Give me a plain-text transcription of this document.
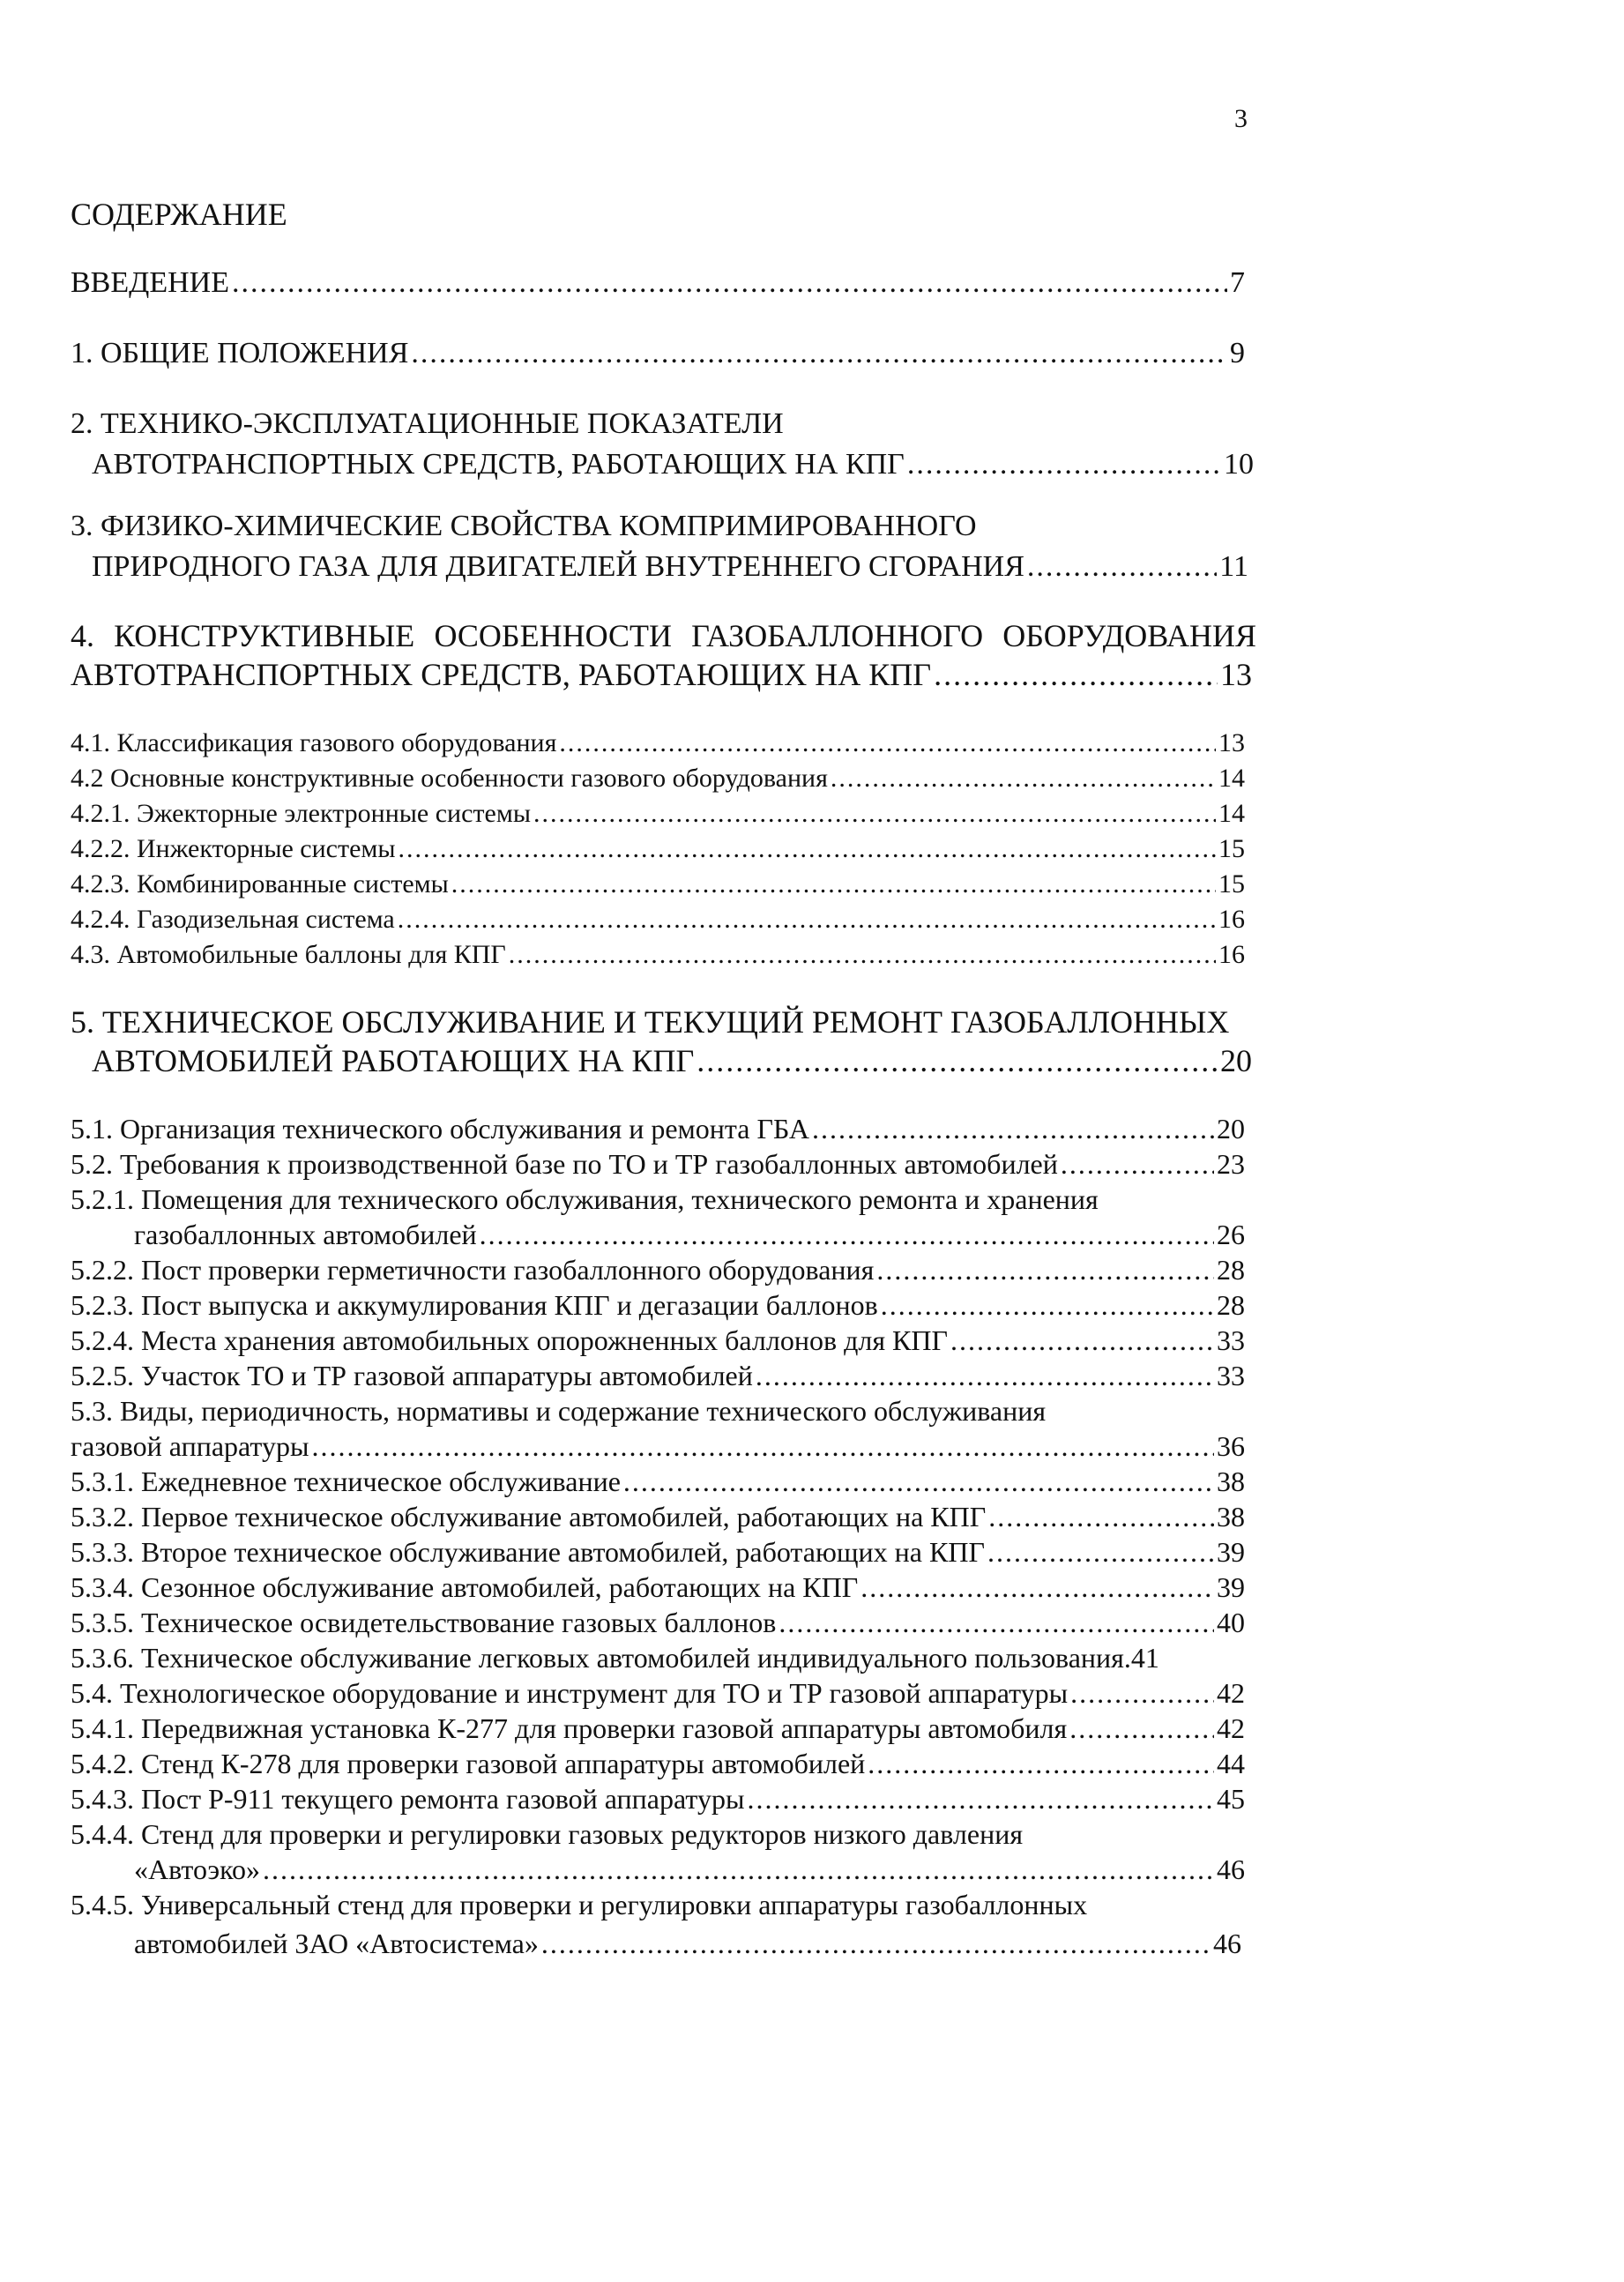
3
СОДЕРЖАНИЕ
ВВЕДЕНИЕ .....	7
1. ОБЩИЕ ПОЛОЖЕНИЯ .....	9
2. ТЕХНИКО-ЭКСПЛУАТАЦИОННЫЕ ПОКАЗАТЕЛИ
АВТОТРАНСПОРТНЫХ СРЕДСТВ, РАБОТАЮЩИХ НА КПГ .....	10
3. ФИЗИКО-ХИМИЧЕСКИЕ СВОЙСТВА КОМПРИМИРОВАННОГО
ПРИРОДНОГО ГАЗА ДЛЯ ДВИГАТЕЛЕЙ ВНУТРЕННЕГО СГОРАНИЯ .....	11
4. КОНСТРУКТИВНЫЕ ОСОБЕННОСТИ ГАЗОБАЛЛОННОГО ОБОРУДОВАНИЯ
АВТОТРАНСПОРТНЫХ СРЕДСТВ, РАБОТАЮЩИХ НА КПГ .....	13
4.1. Классификация газового оборудования .....	13
4.2 Основные конструктивные особенности газового оборудования .....	14
4.2.1. Эжекторные электронные системы .....	14
4.2.2. Инжекторные системы .....	15
4.2.3. Комбинированные системы .....	15
4.2.4. Газодизельная система .....	16
4.3. Автомобильные баллоны для КПГ .....	16
5. ТЕХНИЧЕСКОЕ ОБСЛУЖИВАНИЕ И ТЕКУЩИЙ РЕМОНТ ГАЗОБАЛЛОННЫХ
АВТОМОБИЛЕЙ РАБОТАЮЩИХ НА КПГ .....	20
5.1. Организация технического обслуживания и ремонта ГБА .....	20
5.2. Требования к производственной базе по ТО и ТР газобаллонных автомобилей .....	23
5.2.1. Помещения для технического обслуживания, технического ремонта и хранения
газобаллонных автомобилей .....	26
5.2.2. Пост проверки герметичности газобаллонного оборудования .....	28
5.2.3. Пост выпуска и аккумулирования КПГ и дегазации баллонов .....	28
5.2.4. Места хранения автомобильных опорожненных баллонов для КПГ .....	33
5.2.5. Участок ТО и ТР газовой аппаратуры автомобилей .....	33
5.3. Виды, периодичность, нормативы и содержание технического обслуживания
газовой аппаратуры .....	36
5.3.1. Ежедневное техническое обслуживание .....	38
5.3.2. Первое техническое обслуживание автомобилей, работающих на КПГ .....	38
5.3.3. Второе техническое обслуживание автомобилей, работающих на КПГ .....	39
5.3.4. Сезонное обслуживание автомобилей, работающих на КПГ .....	39
5.3.5. Техническое освидетельствование газовых баллонов .....	40
5.3.6. Техническое обслуживание легковых автомобилей индивидуального пользования. 41
5.4. Технологическое оборудование и инструмент для ТО и ТР газовой аппаратуры .....	42
5.4.1. Передвижная установка К-277 для проверки газовой аппаратуры автомобиля .....	42
5.4.2. Стенд К-278 для проверки газовой аппаратуры автомобилей .....	44
5.4.3. Пост Р-911 текущего ремонта газовой аппаратуры .....	45
5.4.4. Стенд для проверки и регулировки газовых редукторов низкого давления
«Автоэко» .....	46
5.4.5. Универсальный стенд для проверки и регулировки аппаратуры газобаллонных
автомобилей ЗАО «Автосистема» .....	46
